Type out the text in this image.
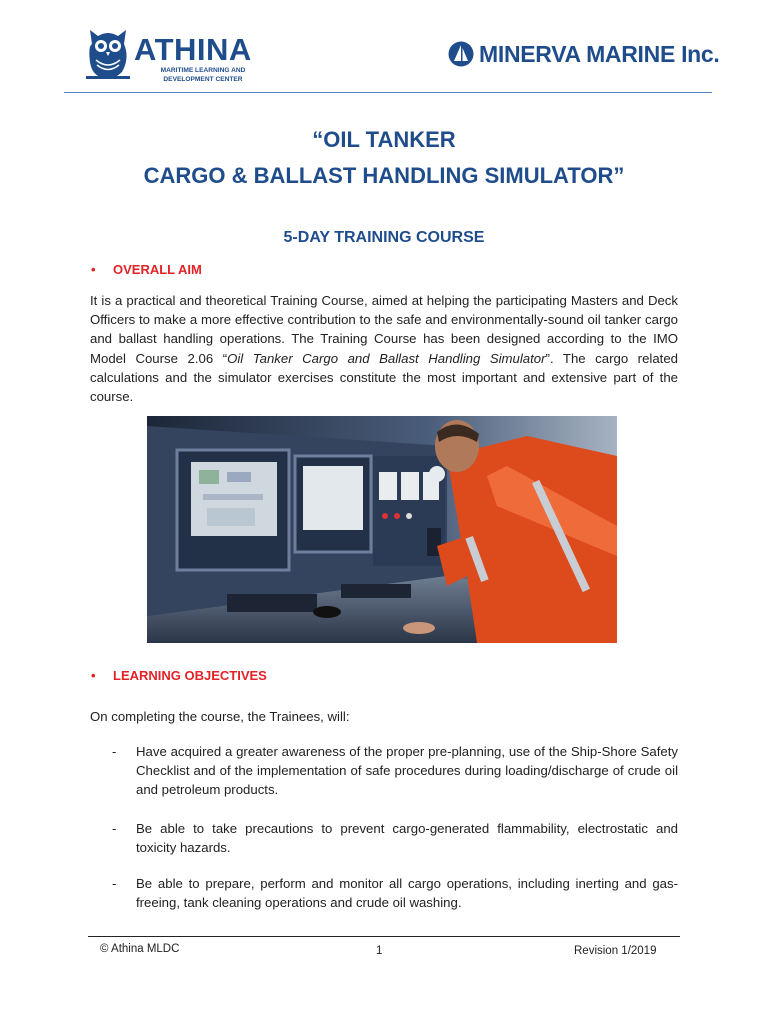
ATHINA
MARITIME LEARNING AND
DEVELOPMENT CENTER
MINERVA MARINE Inc.
“OIL TANKER
CARGO & BALLAST HANDLING SIMULATOR”
5-DAY TRAINING COURSE
• OVERALL AIM
It is a practical and theoretical Training Course, aimed at helping the participating Masters and Deck Officers to make a more effective contribution to the safe and environmentally-sound oil tanker cargo and ballast handling operations. The Training Course has been designed according to the IMO Model Course 2.06 “Oil Tanker Cargo and Ballast Handling Simulator”. The cargo related calculations and the simulator exercises constitute the most important and extensive part of the course.
• LEARNING OBJECTIVES
On completing the course, the Trainees, will:
- Have acquired a greater awareness of the proper pre-planning, use of the Ship-Shore Safety Checklist and of the implementation of safe procedures during loading/discharge of crude oil and petroleum products.
- Be able to take precautions to prevent cargo-generated flammability, electrostatic and toxicity hazards.
- Be able to prepare, perform and monitor all cargo operations, including inerting and gas-freeing, tank cleaning operations and crude oil washing.
© Athina MLDC	1	Revision 1/2019
